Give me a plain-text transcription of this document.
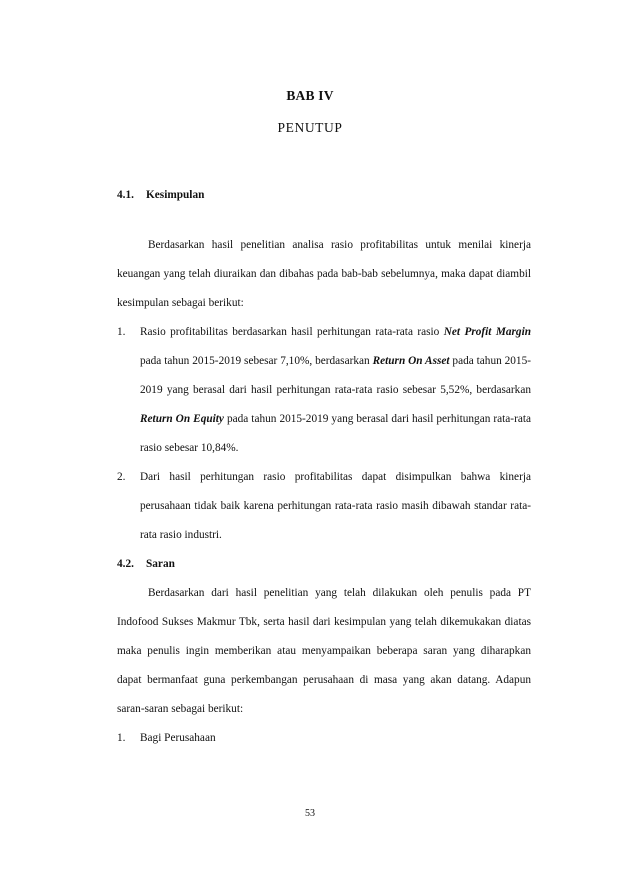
BAB IV
PENUTUP
4.1.	Kesimpulan

Berdasarkan hasil penelitian analisa rasio profitabilitas untuk menilai kinerja keuangan yang telah diuraikan dan dibahas pada bab-bab sebelumnya, maka dapat diambil kesimpulan sebagai berikut:

1.	Rasio profitabilitas berdasarkan hasil perhitungan rata-rata rasio Net Profit Margin pada tahun 2015-2019 sebesar 7,10%, berdasarkan Return On Asset pada tahun 2015-2019 yang berasal dari hasil perhitungan rata-rata rasio sebesar 5,52%, berdasarkan Return On Equity pada tahun 2015-2019 yang berasal dari hasil perhitungan rata-rata rasio sebesar 10,84%.
2.	Dari hasil perhitungan rasio profitabilitas dapat disimpulkan bahwa kinerja perusahaan tidak baik karena perhitungan rata-rata rasio masih dibawah standar rata-rata rasio industri.
4.2.	Saran

Berdasarkan dari hasil penelitian yang telah dilakukan oleh penulis pada PT Indofood Sukses Makmur Tbk, serta hasil dari kesimpulan yang telah dikemukakan diatas maka penulis ingin memberikan atau menyampaikan beberapa saran yang diharapkan dapat bermanfaat guna perkembangan perusahaan di masa yang akan datang. Adapun saran-saran sebagai berikut:

1.	Bagi Perusahaan
53
